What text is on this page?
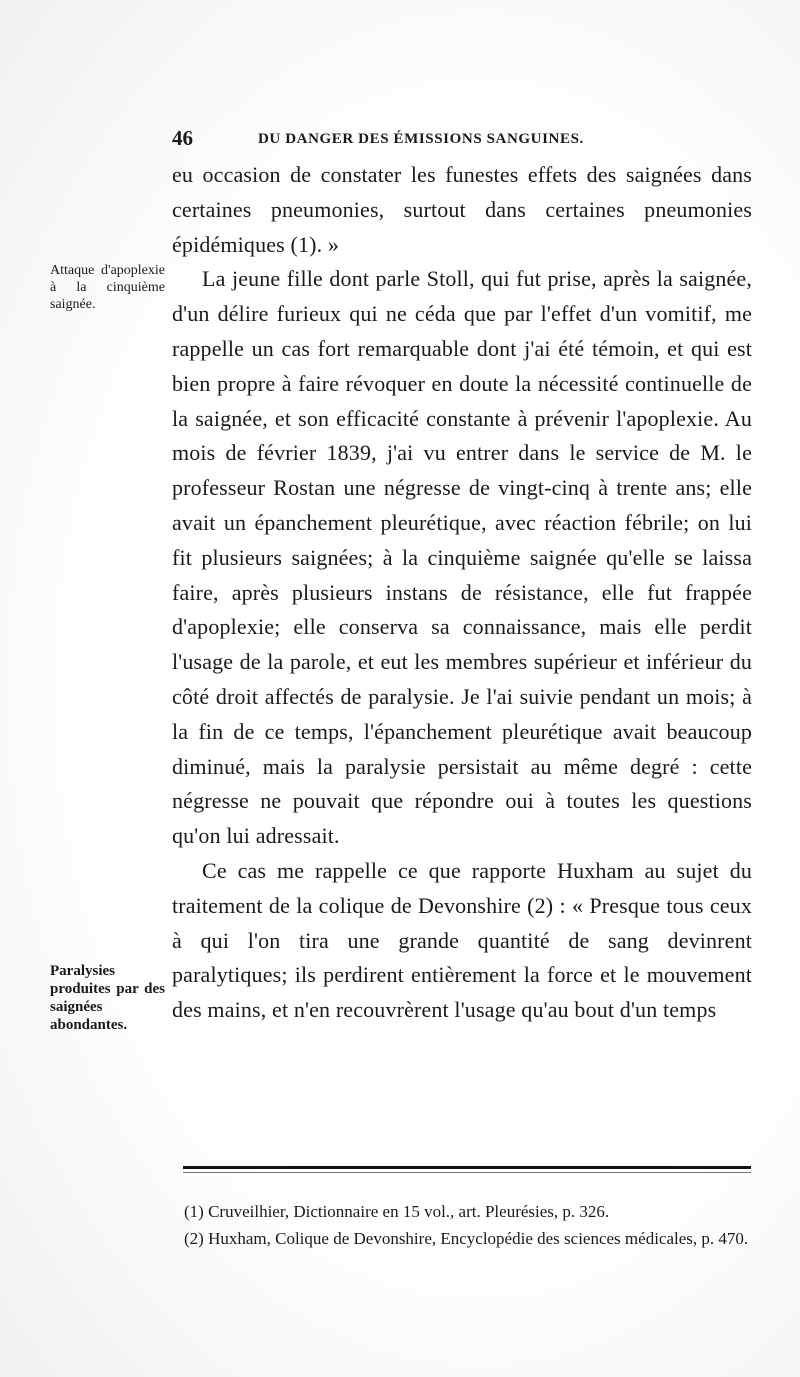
46	DU DANGER DES ÉMISSIONS SANGUINES.
Attaque d'apoplexie à la cinquième saignée.
Paralysies produites par des saignées abondantes.

eu occasion de constater les funestes effets des saignées dans certaines pneumonies, surtout dans certaines pneumonies épidémiques (1). »

La jeune fille dont parle Stoll, qui fut prise, après la saignée, d'un délire furieux qui ne céda que par l'effet d'un vomitif, me rappelle un cas fort remarquable dont j'ai été témoin, et qui est bien propre à faire révoquer en doute la nécessité continuelle de la saignée, et son efficacité constante à prévenir l'apoplexie. Au mois de février 1839, j'ai vu entrer dans le service de M. le professeur Rostan une négresse de vingt-cinq à trente ans; elle avait un épanchement pleurétique, avec réaction fébrile; on lui fit plusieurs saignées; à la cinquième saignée qu'elle se laissa faire, après plusieurs instans de résistance, elle fut frappée d'apoplexie; elle conserva sa connaissance, mais elle perdit l'usage de la parole, et eut les membres supérieur et inférieur du côté droit affectés de paralysie. Je l'ai suivie pendant un mois; à la fin de ce temps, l'épanchement pleurétique avait beaucoup diminué, mais la paralysie persistait au même degré : cette négresse ne pouvait que répondre oui à toutes les questions qu'on lui adressait.

Ce cas me rappelle ce que rapporte Huxham au sujet du traitement de la colique de Devonshire (2) : « Presque tous ceux à qui l'on tira une grande quantité de sang devinrent paralytiques; ils perdirent entièrement la force et le mouvement des mains, et n'en recouvrèrent l'usage qu'au bout d'un temps

(1) Cruveilhier, Dictionnaire en 15 vol., art. Pleurésies, p. 326.
(2) Huxham, Colique de Devonshire, Encyclopédie des sciences médicales, p. 470.
